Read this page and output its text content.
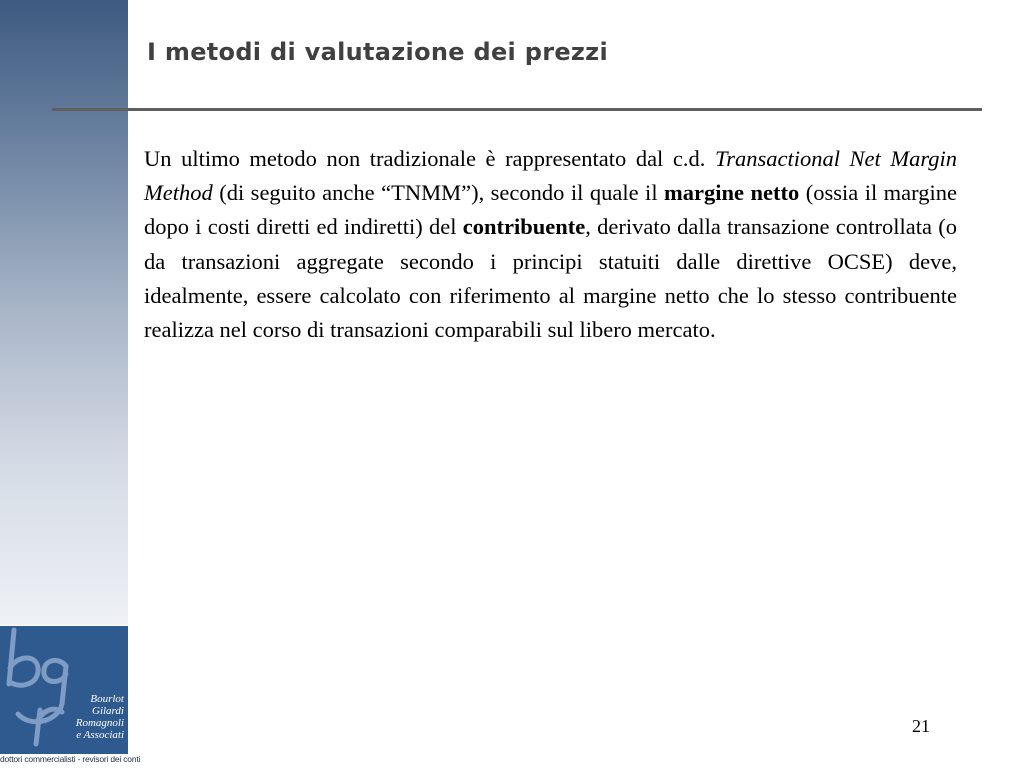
Bourlot
Gilardi
Romagnoli
e Associati
dottori commercialisti - revisori dei conti
I metodi di valutazione dei prezzi

Un ultimo metodo non tradizionale è rappresentato dal c.d. Transactional Net Margin Method (di seguito anche “TNMM”), secondo il quale il margine netto (ossia il margine dopo i costi diretti ed indiretti) del contribuente, derivato dalla transazione controllata (o da transazioni aggregate secondo i principi statuiti dalle direttive OCSE) deve, idealmente, essere calcolato con riferimento al margine netto che lo stesso contribuente realizza nel corso di transazioni comparabili sul libero mercato.

21
